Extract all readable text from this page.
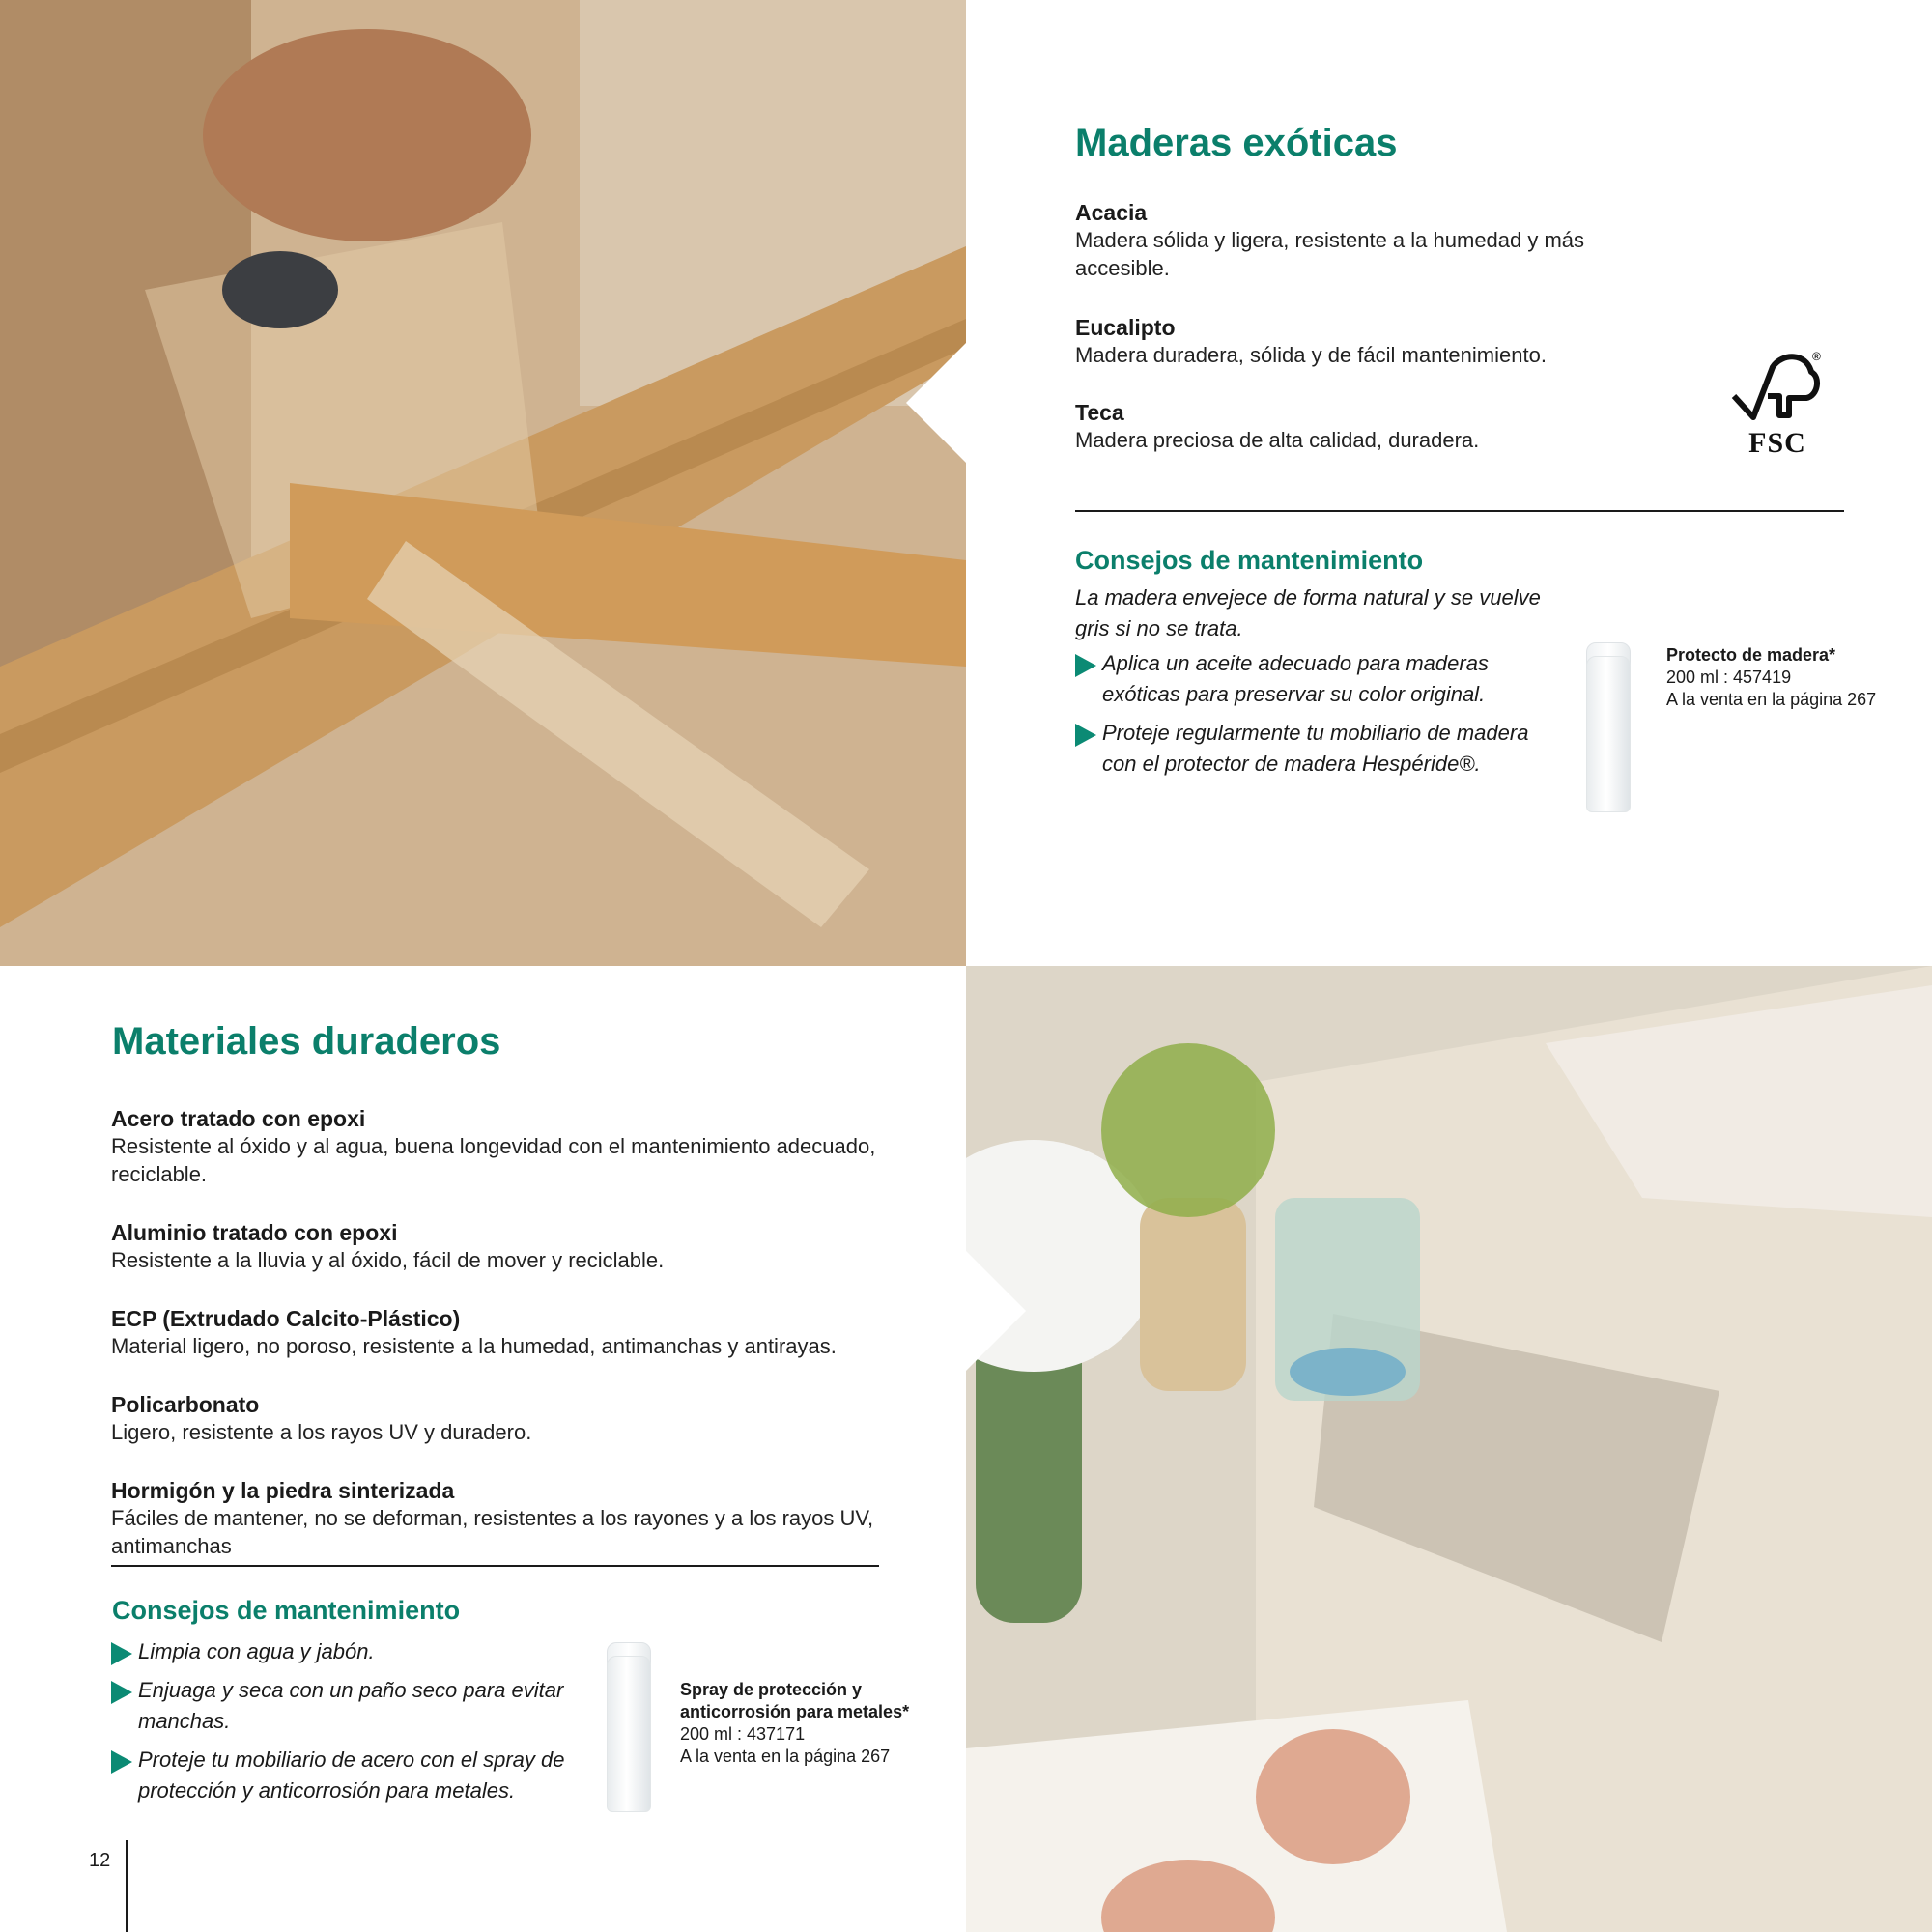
Maderas exóticas
Acacia
Madera sólida y ligera, resistente a la humedad y más accesible.
Eucalipto
Madera duradera, sólida y de fácil mantenimiento.
Teca
Madera preciosa de alta calidad, duradera.
Consejos de mantenimiento
La madera envejece de forma natural y se vuelve gris si no se trata.
Aplica un aceite adecuado para maderas exóticas para preservar su color original.
Proteje regularmente tu mobiliario de madera con el protector de madera Hespéride®.
Protecto de madera*
200 ml : 457419
A la venta en la página 267
®
FSC
Materiales duraderos
Acero tratado con epoxi
Resistente al óxido y al agua, buena longevidad con el mantenimiento adecuado, reciclable.
Aluminio tratado con epoxi
Resistente a la lluvia y al óxido, fácil de mover y reciclable.
ECP (Extrudado Calcito-Plástico)
Material ligero, no poroso, resistente a la humedad, antimanchas y antirayas.
Policarbonato
Ligero, resistente a los rayos UV y duradero.
Hormigón y la piedra sinterizada
Fáciles de mantener, no se deforman, resistentes a los rayones y a los rayos UV, antimanchas
Consejos de mantenimiento
Limpia con agua y jabón.
Enjuaga y seca con un paño seco para evitar manchas.
Proteje tu mobiliario de acero con el spray de protección y anticorrosión para metales.
Spray de protección y anticorrosión para metales*
200 ml : 437171
A la venta en la página 267
12
